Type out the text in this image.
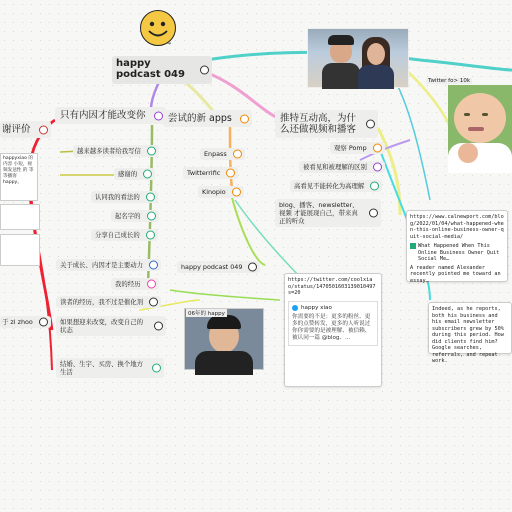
→
happy podcast 049
Twitter fo> 10k
只有内因才能改变你	尝试的新 apps	推特互动高，为什么还做视频和播客
谢评价
happyxiao 的内容 小短，视频发送性 的 等等播客 happy。
越来越多读者给我写信
感谢的
认同我的看法的
起名字的
分享自己成长的
关于成长、内因才是主要动力
我的经历
读者的经历，我不过是催化剂
如果想迎来改变，改变自己的状态
结婚、生宇、买房、换个地方生活
于 zi zhoo
Enpass
Twitterrific
Kinopio
happy podcast 049
观察 Pomp
被看见和被理解的区别
高看见不能转化为高理解
blog、播客、newsletter、视频 才能展现自己，带来真正的听众
06年的 happy
https://twitter.com/coolxiao/status/1470501603139010497s=20
happy xiao
你需要的不是：更多的粉丝、更多的点赞转发，更多的人听说过你你需要的是被理解、被信赖、被认同一篇 @blog、…
https://www.calnewport.com/blog/2022/01/04/what-happened-when-this-online-business-owner-quit-social-media/
What Happened When This Online Business Owner Quit Social Me…
A reader named Alexander recently pointed me toward an essay…
Indeed, as he reports, both his business and his email newsletter subscribers grew by 50% during this period. How did clients find him? Google searches, referrals, and repeat work.
